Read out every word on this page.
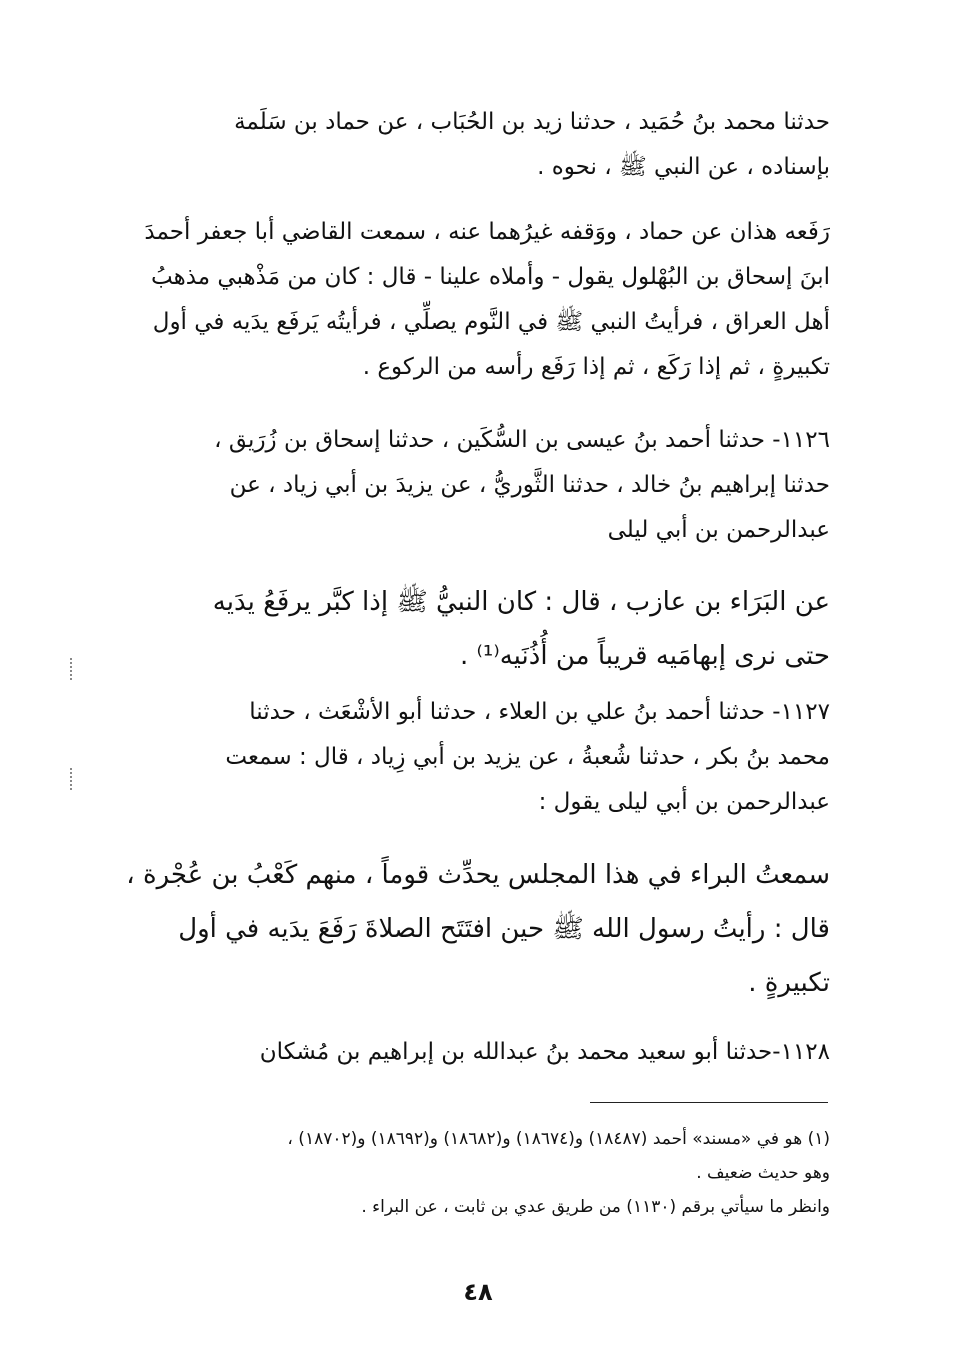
حدثنا محمد بنُ حُمَيد ، حدثنا زيد بن الحُبَاب ، عن حماد بن سَلَمة
بإسناده ، عن النبي ﷺ ، نحوه .
رَفَعه هذان عن حماد ، ووَقفه غيرُهما عنه ، سمعت القاضي أبا جعفر أحمدَ
ابنَ إسحاق بن البُهْلول يقول - وأملاه علينا - قال : كان من مَذْهبي مذهبُ
أهل العراق ، فرأيتُ النبي ﷺ في النَّوم يصلِّي ، فرأيتُه يَرفَع يدَيه في أول
تكبيرةٍ ، ثم إذا رَكَع ، ثم إذا رَفَع رأسه من الركوع .
١١٢٦- حدثنا أحمد بنُ عيسى بن السُّكَين ، حدثنا إسحاق بن زُرَيق ،
حدثنا إبراهيم بنُ خالد ، حدثنا الثَّوريُّ ، عن يزيدَ بن أبي زياد ، عن
عبدالرحمن بن أبي ليلى
عن البَرَاء بن عازب ، قال : كان النبيُّ ﷺ إذا كبَّر يرفَعُ يدَيه
حتى نرى إبهامَيه قريباً من أُذُنَيه⁽¹⁾ .
١١٢٧- حدثنا أحمد بنُ علي بن العلاء ، حدثنا أبو الأشْعَث ، حدثنا
محمد بنُ بكر ، حدثنا شُعبةُ ، عن يزيد بن أبي زِياد ، قال : سمعت
عبدالرحمن بن أبي ليلى يقول :
سمعتُ البراء في هذا المجلس يحدِّث قوماً ، منهم كَعْبُ بن عُجْرة ،
قال : رأيتُ رسول الله ﷺ حين افتَتَح الصلاةَ رَفَعَ يدَيه في أول
تكبيرةٍ .
١١٢٨-حدثنا أبو سعيد محمد بنُ عبدالله بن إبراهيم بن مُشكان
(١) هو في «مسند» أحمد (١٨٤٨٧) و(١٨٦٧٤) و(١٨٦٨٢) و(١٨٦٩٢) و(١٨٧٠٢) ،
وهو حديث ضعيف .
وانظر ما سيأتي برقم (١١٣٠) من طريق عدي بن ثابت ، عن البراء .
٤٨
